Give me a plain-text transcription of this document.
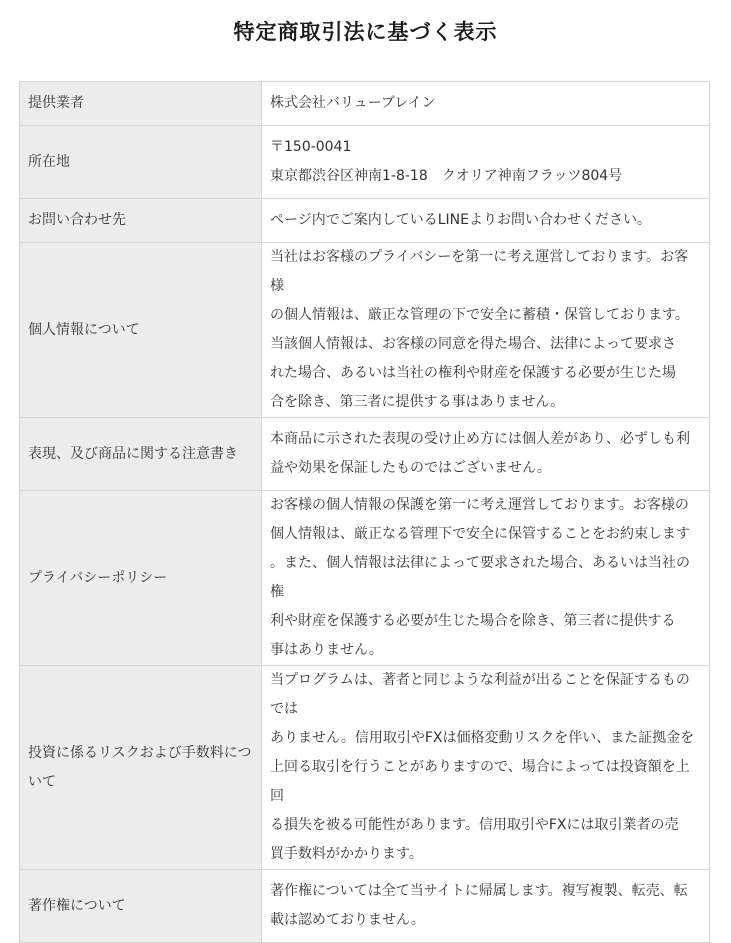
特定商取引法に基づく表示
提供業者	株式会社バリューブレイン

所在地	〒150-0041
東京都渋谷区神南1-8-18　クオリア神南フラッツ804号

お問い合わせ先	ページ内でご案内しているLINEよりお問い合わせください。

個人情報について	当社はお客様のプライバシーを第一に考え運営しております。お客様
の個人情報は、厳正な管理の下で安全に蓄積・保管しております。
当該個人情報は、お客様の同意を得た場合、法律によって要求さ
れた場合、あるいは当社の権利や財産を保護する必要が生じた場
合を除き、第三者に提供する事はありません。

表現、及び商品に関する注意書き	本商品に示された表現の受け止め方には個人差があり、必ずしも利
益や効果を保証したものではございません。

プライバシーポリシー	お客様の個人情報の保護を第一に考え運営しております。お客様の
個人情報は、厳正なる管理下で安全に保管することをお約束します
。また、個人情報は法律によって要求された場合、あるいは当社の権
利や財産を保護する必要が生じた場合を除き、第三者に提供する
事はありません。

投資に係るリスクおよび手数料について	当プログラムは、著者と同じような利益が出ることを保証するものでは
ありません。信用取引やFXは価格変動リスクを伴い、また証拠金を
上回る取引を行うことがありますので、場合によっては投資額を上回
る損失を被る可能性があります。信用取引やFXには取引業者の売
買手数料がかかります。

著作権について	著作権については全て当サイトに帰属します。複写複製、転売、転
載は認めておりません。
